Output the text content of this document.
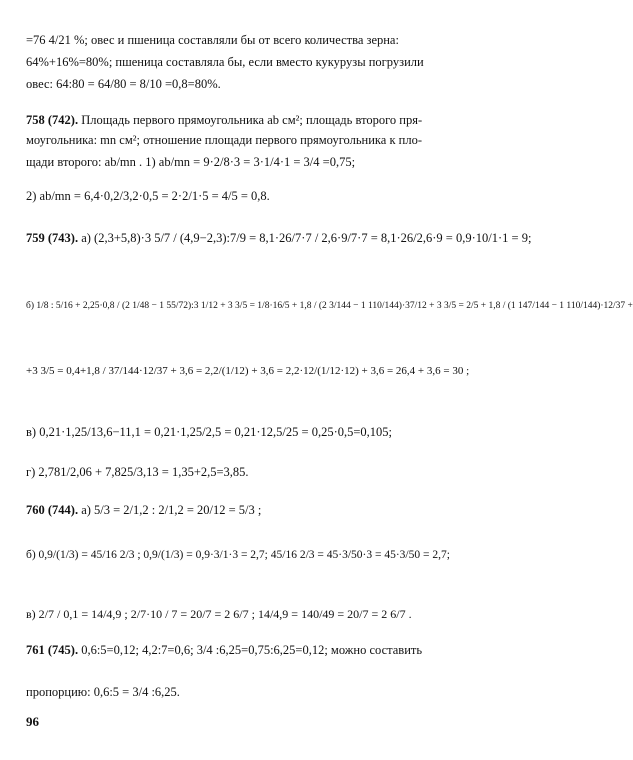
=76 4/21 %; овес и пшеница составляли бы от всего количества зерна:
64%+16%=80%; пшеница составляла бы, если вместо кукурузы погрузили
овес: 64:80 = 64/80 = 8/10 =0,8=80%.
758 (742). Площадь первого прямоугольника ab см²; площадь второго пря-
моугольника: mn см²; отношение площади первого прямоугольника к пло-
щади второго: ab/mn . 1) ab/mn = 9·2/8·3 = 3·1/4·1 = 3/4 =0,75;
2) ab/mn = 6,4·0,2/3,2·0,5 = 2·2/1·5 = 4/5 = 0,8.
759 (743). а) (2,3+5,8)·3 5/7 / (4,9−2,3):7/9 = 8,1·26/7·7 / 2,6·9/7·7 = 8,1·26/2,6·9 = 0,9·10/1·1 = 9;
б) 1/8 : 5/16 + 2,25·0,8 / (2 1/48 − 1 55/72):3 1/12 + 3 3/5 = 1/8·16/5 + 1,8 / (2 3/144 − 1 110/144)·37/12 + 3 3/5 = 2/5 + 1,8 / (1 147/144 − 1 110/144)·12/37 +
+3 3/5 = 0,4+1,8 / 37/144·12/37 + 3,6 = 2,2/(1/12) + 3,6 = 2,2·12/(1/12·12) + 3,6 = 26,4 + 3,6 = 30 ;
в) 0,21·1,25/13,6−11,1 = 0,21·1,25/2,5 = 0,21·12,5/25 = 0,25·0,5=0,105;
г) 2,781/2,06 + 7,825/3,13 = 1,35+2,5=3,85.
760 (744). а) 5/3 = 2/1,2 : 2/1,2 = 20/12 = 5/3 ;
б) 0,9/(1/3) = 45/16 2/3 ; 0,9/(1/3) = 0,9·3/1·3 = 2,7; 45/16 2/3 = 45·3/50·3 = 45·3/50 = 2,7;
в) 2/7 / 0,1 = 14/4,9 ; 2/7·10 / 7 = 20/7 = 2 6/7 ; 14/4,9 = 140/49 = 20/7 = 2 6/7 .
761 (745). 0,6:5=0,12; 4,2:7=0,6; 3/4 :6,25=0,75:6,25=0,12; можно составить
пропорцию: 0,6:5 = 3/4 :6,25.
96
